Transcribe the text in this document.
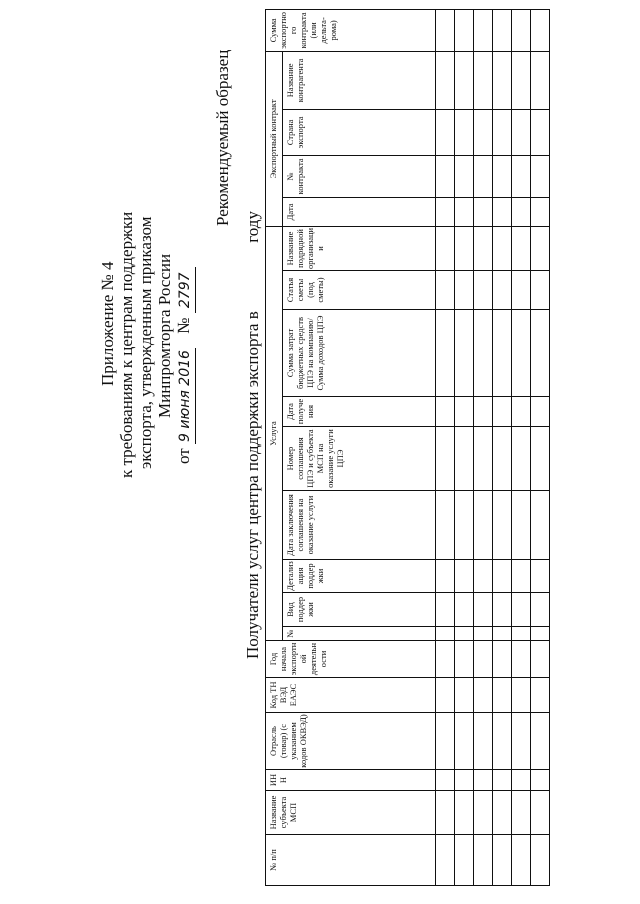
Приложение № 4 к требованиям к центрам поддержки экспорта, утвержденным приказом Минпромторга России
от 9 июня 2016 № 2797
Рекомендуемый образец
Получатели услуг центра поддержки экспорта в  году
№ п/п	Название субъекта МСП	ИНН	Отрасль (товар) (с указанием кодов ОКВЭД)	Код ТН ВЭД ЕАЭС	Год начала экспортной деятельности	Услуга									Экспортный контракт				Сумма экспортного контракта (или дельта-рома)
						№	Вид поддержки	Детализация поддержки	Дата заключения соглашения на оказание услуги	Номер соглашения ЦПЭ и субъекта МСП на оказание услуги ЦПЭ	Дата получения	Сумма затрат бюджетных средств ЦПЭ на компанию/ Сумма доходов ЦПЭ	Статья сметы (под сметы)	Название подрядной организации	Дата	№ контракта	Страна экспорта	Название контрагента	
